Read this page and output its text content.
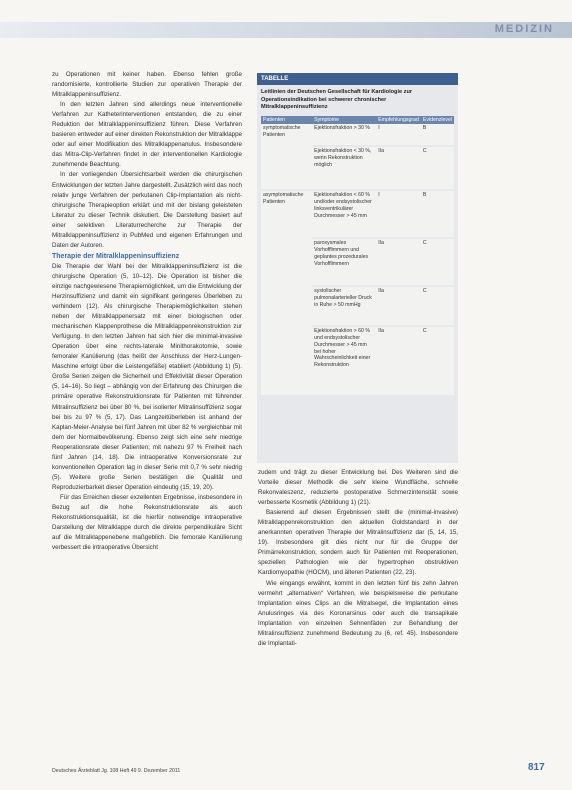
MEDIZIN

zu Operationen mit keiner haben. Ebenso fehlen große randomisierte, kontrollierte Studien zur operativen Therapie der Mitralklappeninsuffizienz.

In den letzten Jahren sind allerdings neue interventionelle Verfahren zur Katheterinterventionen entstanden, die zu einer Reduktion der Mitralklappeninsuffizienz führen. Diese Verfahren basieren entweder auf einer direkten Rekonstruktion der Mitralklappe oder auf einer Modifikation des Mitralklappenanulus. Insbesondere das Mitra-Clip-Verfahren findet in der interventionellen Kardiologie zunehmende Beachtung.

In der vorliegenden Übersichtsarbeit werden die chirurgischen Entwicklungen der letzten Jahre dargestellt. Zusätzlich wird das noch relativ junge Verfahren der perkutanen Clip-Implantation als nicht-chirurgische Therapieoption erklärt und mit der bislang geleisteten Literatur zu dieser Technik diskutiert. Die Darstellung basiert auf einer selektiven Literaturrecherche zur Therapie der Mitralklappeninsuffizienz in PubMed und eigenen Erfahrungen und Daten der Autoren.

Therapie der Mitralklappeninsuffizienz

Die Therapie der Wahl bei der Mitralklappeninsuffizienz ist die chirurgische Operation (5, 10–12). Die Operation ist bisher die einzige nachgewiesene Therapiemöglichkeit, um die Entwicklung der Herzinsuffizienz und damit ein signifikant geringeres Überleben zu verhindern (12). Als chirurgische Therapiemöglichkeiten stehen neben der Mitralklappenersatz mit einer biologischen oder mechanischen Klappenprothese die Mitralklappenrekonstruktion zur Verfügung. In den letzten Jahren hat sich hier die minimal-invasive Operation über eine rechts-laterale Minithorakotomie, sowie femoraler Kanülierung (das heißt der Anschluss der Herz-Lungen-Maschine erfolgt über die Leistengefäße) etabliert (Abbildung 1) (5). Große Serien zeigen die Sicherheit und Effektivität dieser Operation (5, 14–16). So liegt – abhängig von der Erfahrung des Chirurgen die primäre operative Rekonstruktionsrate für Patienten mit führender Mitralinsuffizienz bei über 80 %, bei isolierter Mitralinsuffizienz sogar bei bis zu 97 % (5, 17). Das Langzeitüberleben ist anhand der Kaplan-Meier-Analyse bei fünf Jahren mit über 82 % vergleichbar mit dem der Normalbevölkerung. Ebenso zeigt sich eine sehr niedrige Reoperationsrate dieser Patienten; mit nahezu 97 % Freiheit nach fünf Jahren (14, 18). Die intraoperative Konversionsrate zur konventionellen Operation lag in dieser Serie mit 0,7 % sehr niedrig (5). Weitere große Serien bestätigen die Qualität und Reproduzierbarkeit dieser Operation eindeutig (15, 19, 20).

Für das Erreichen dieser exzellenten Ergebnisse, insbesondere in Bezug auf die hohe Rekonstruktionsrate als auch Rekonstruktionsqualität, ist die hierfür notwendige intraoperative Darstellung der Mitralklappe durch die direkte perpendikuläre Sicht auf die Mitralklappenebene maßgeblich. Die femorale Kanülierung verbessert die intraoperative Übersicht

TABELLE
Leitlinien der Deutschen Gesellschaft für Kardiologie zur Operationsindikation bei schwerer chronischer Mitralklappeninsuffizienz
Patienten	Symptome	Empfehlungsgrad	Evidenzlevel
symptomatische Patienten	Ejektionsfraktion > 30 %	I	B
	Ejektionsfraktion < 30 %, wenn Rekonstruktion möglich	IIa	C
asymptomatische Patienten	Ejektionsfraktion < 60 % und/oder endsystolischer linksventrikulärer Durchmesser > 45 mm	I	B
	paroxysmales Vorhofflimmern und geplantes prozedurales Vorhofflimmern	IIa	C
	systolischer pulmonalarterieller Druck in Ruhe > 50 mmHg	IIa	C
	Ejektionsfraktion > 60 % und endsystolischer Durchmesser > 45 mm bei hoher Wahrscheinlichkeit einer Rekonstruktion	IIa	C

zudem und trägt zu dieser Entwicklung bei. Des Weiteren sind die Vorteile dieser Methodik die sehr kleine Wundfläche, schnelle Rekonvaleszenz, reduzierte postoperative Schmerzintensität sowie verbesserte Kosmetik (Abbildung 1) (21).

Basierend auf diesen Ergebnissen stellt die (minimal-invasive) Mitralklappenrekonstruktion den aktuellen Goldstandard in der anerkannten operativen Therapie der Mitralinsuffizienz dar (5, 14, 15, 19). Insbesondere gilt dies nicht nur für die Gruppe der Primärrekonstruktion, sondern auch für Patienten mit Reoperationen, speziellen Pathologien wie der hypertrophen obstruktiven Kardiomyopathie (HOCM), und älteren Patienten (22, 23).

Wie eingangs erwähnt, kommt in den letzten fünf bis zehn Jahren vermehrt „alternativen“ Verfahren, wie beispielsweise die perkutane Implantation eines Clips an die Mitralsegel, die Implantation eines Anulusringes via des Koronarsinus oder auch die transapikale Implantation von einzelnen Sehnenfäden zur Behandlung der Mitralinsuffizienz zunehmend Bedeutung zu (6, ref. 45). Insbesondere die Implantati-

Deutsches Ärzteblatt Jg. 108 Heft 49 9. Dezember 2011	817
